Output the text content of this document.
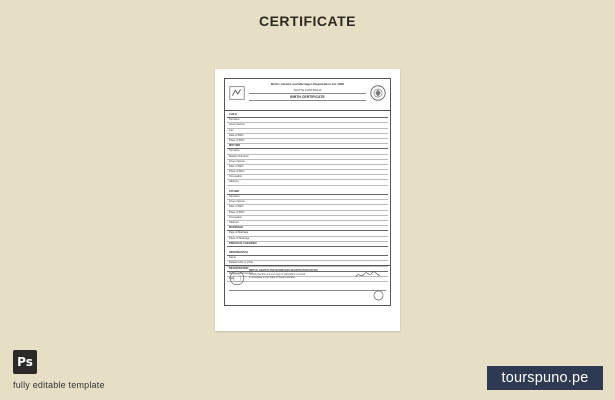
CERTIFICATE
Births, Deaths and Marriages Registration Act 1996
SOUTH AUSTRALIA
BIRTH CERTIFICATE
CHILD
Surname
Given Names
Sex
Date of Birth
Place of Birth
MOTHER
Surname
Maiden Surname
Given Names
Date of Birth
Place of Birth
Occupation
Address
FATHER
Surname
Given Names
Date of Birth
Place of Birth
Occupation
Address
MARRIAGE
Date of Marriage
Place of Marriage
PREVIOUS CHILDREN
INFORMANT(S)
Name
Relationship to Child
REGISTRATION
Registration Number
Date
BIRTHS, DEATHS AND MARRIAGES REGISTRATION OFFICE
I certify that this is a true copy of particulars recorded
in a Register in the State of South Australia
Ps
fully editable template	tourspuno.pe
